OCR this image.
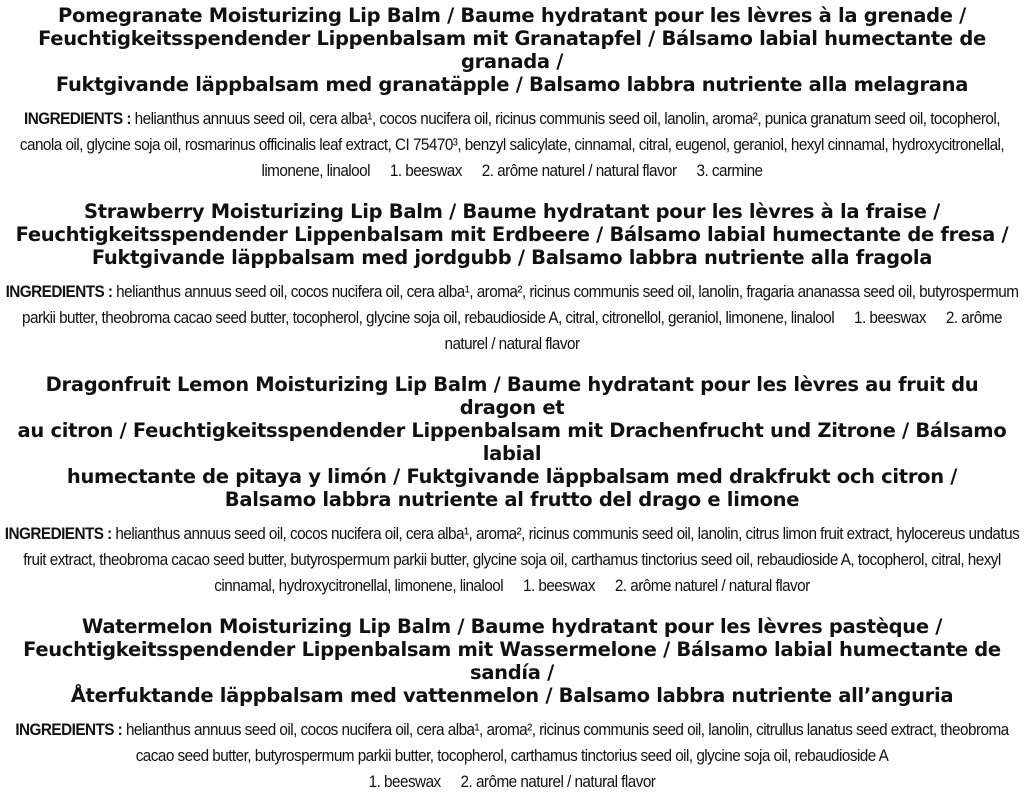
Pomegranate Moisturizing Lip Balm / Baume hydratant pour les lèvres à la grenade /
Feuchtigkeitsspendender Lippenbalsam mit Granatapfel / Bálsamo labial humectante de granada /
Fuktgivande läppbalsam med granatäpple / Balsamo labbra nutriente alla melagrana
INGREDIENTS : helianthus annuus seed oil, cera alba¹, cocos nucifera oil, ricinus communis seed oil, lanolin, aroma², punica granatum seed oil, tocopherol, canola oil, glycine soja oil, rosmarinus officinalis leaf extract, CI 75470³, benzyl salicylate, cinnamal, citral, eugenol, geraniol, hexyl cinnamal, hydroxycitronellal, limonene, linalool 1. beeswax 2. arôme naturel / natural flavor 3. carmine
Strawberry Moisturizing Lip Balm / Baume hydratant pour les lèvres à la fraise /
Feuchtigkeitsspendender Lippenbalsam mit Erdbeere / Bálsamo labial humectante de fresa /
Fuktgivande läppbalsam med jordgubb / Balsamo labbra nutriente alla fragola
INGREDIENTS : helianthus annuus seed oil, cocos nucifera oil, cera alba¹, aroma², ricinus communis seed oil, lanolin, fragaria ananassa seed oil, butyrospermum parkii butter, theobroma cacao seed butter, tocopherol, glycine soja oil, rebaudioside A, citral, citronellol, geraniol, limonene, linalool 1. beeswax 2. arôme naturel / natural flavor
Dragonfruit Lemon Moisturizing Lip Balm / Baume hydratant pour les lèvres au fruit du dragon et
au citron / Feuchtigkeitsspendender Lippenbalsam mit Drachenfrucht und Zitrone / Bálsamo labial
humectante de pitaya y limón / Fuktgivande läppbalsam med drakfrukt och citron /
Balsamo labbra nutriente al frutto del drago e limone
INGREDIENTS : helianthus annuus seed oil, cocos nucifera oil, cera alba¹, aroma², ricinus communis seed oil, lanolin, citrus limon fruit extract, hylocereus undatus fruit extract, theobroma cacao seed butter, butyrospermum parkii butter, glycine soja oil, carthamus tinctorius seed oil, rebaudioside A, tocopherol, citral, hexyl cinnamal, hydroxycitronellal, limonene, linalool 1. beeswax 2. arôme naturel / natural flavor
Watermelon Moisturizing Lip Balm / Baume hydratant pour les lèvres pastèque /
Feuchtigkeitsspendender Lippenbalsam mit Wassermelone / Bálsamo labial humectante de sandía /
Återfuktande läppbalsam med vattenmelon / Balsamo labbra nutriente all’anguria
INGREDIENTS : helianthus annuus seed oil, cocos nucifera oil, cera alba¹, aroma², ricinus communis seed oil, lanolin, citrullus lanatus seed extract, theobroma cacao seed butter, butyrospermum parkii butter, tocopherol, carthamus tinctorius seed oil, glycine soja oil, rebaudioside A
1. beeswax 2. arôme naturel / natural flavor
